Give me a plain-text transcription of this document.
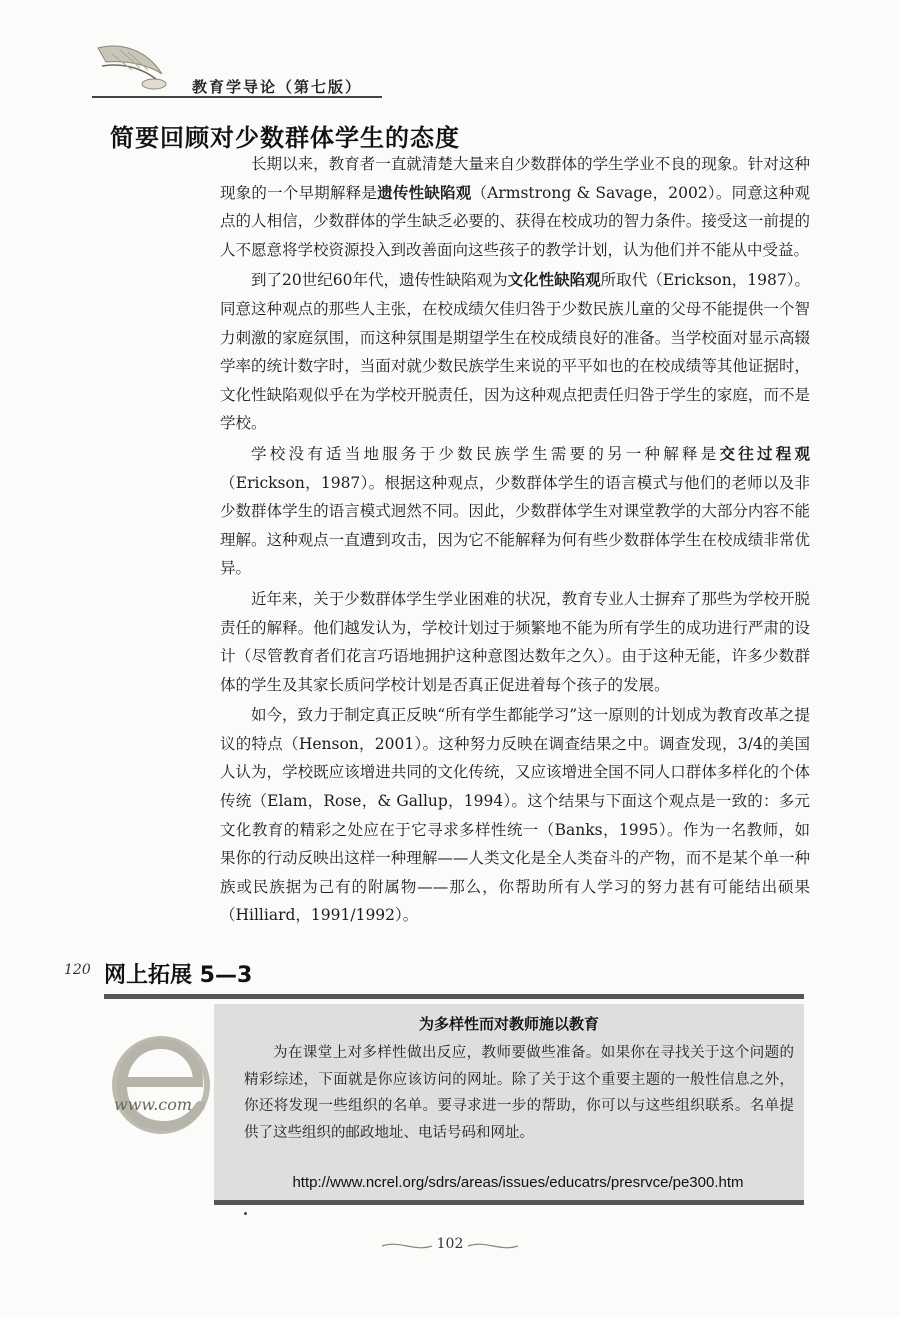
教育学导论（第七版）
简要回顾对少数群体学生的态度

长期以来，教育者一直就清楚大量来自少数群体的学生学业不良的现象。针对这种现象的一个早期解释是遗传性缺陷观（Armstrong & Savage，2002）。同意这种观点的人相信，少数群体的学生缺乏必要的、获得在校成功的智力条件。接受这一前提的人不愿意将学校资源投入到改善面向这些孩子的教学计划，认为他们并不能从中受益。

到了20世纪60年代，遗传性缺陷观为文化性缺陷观所取代（Erickson，1987）。同意这种观点的那些人主张，在校成绩欠佳归咎于少数民族儿童的父母不能提供一个智力刺激的家庭氛围，而这种氛围是期望学生在校成绩良好的准备。当学校面对显示高辍学率的统计数字时，当面对就少数民族学生来说的平平如也的在校成绩等其他证据时，文化性缺陷观似乎在为学校开脱责任，因为这种观点把责任归咎于学生的家庭，而不是学校。

学校没有适当地服务于少数民族学生需要的另一种解释是交往过程观（Erickson，1987）。根据这种观点，少数群体学生的语言模式与他们的老师以及非少数群体学生的语言模式迥然不同。因此，少数群体学生对课堂教学的大部分内容不能理解。这种观点一直遭到攻击，因为它不能解释为何有些少数群体学生在校成绩非常优异。

近年来，关于少数群体学生学业困难的状况，教育专业人士摒弃了那些为学校开脱责任的解释。他们越发认为，学校计划过于频繁地不能为所有学生的成功进行严肃的设计（尽管教育者们花言巧语地拥护这种意图达数年之久）。由于这种无能，许多少数群体的学生及其家长质问学校计划是否真正促进着每个孩子的发展。

如今，致力于制定真正反映“所有学生都能学习”这一原则的计划成为教育改革之提议的特点（Henson，2001）。这种努力反映在调查结果之中。调查发现，3/4的美国人认为，学校既应该增进共同的文化传统，又应该增进全国不同人口群体多样化的个体传统（Elam，Rose，& Gallup，1994）。这个结果与下面这个观点是一致的：多元文化教育的精彩之处应在于它寻求多样性统一（Banks，1995）。作为一名教师，如果你的行动反映出这样一种理解——人类文化是全人类奋斗的产物，而不是某个单一种族或民族据为己有的附属物——那么，你帮助所有人学习的努力甚有可能结出硕果（Hilliard，1991/1992）。

120 网上拓展 5—3
www.com
为多样性而对教师施以教育

为在课堂上对多样性做出反应，教师要做些准备。如果你在寻找关于这个问题的精彩综述，下面就是你应该访问的网址。除了关于这个重要主题的一般性信息之外，你还将发现一些组织的名单。要寻求进一步的帮助，你可以与这些组织联系。名单提供了这些组织的邮政地址、电话号码和网址。

http://www.ncrel.org/sdrs/areas/issues/educatrs/presrvce/pe300.htm
102
